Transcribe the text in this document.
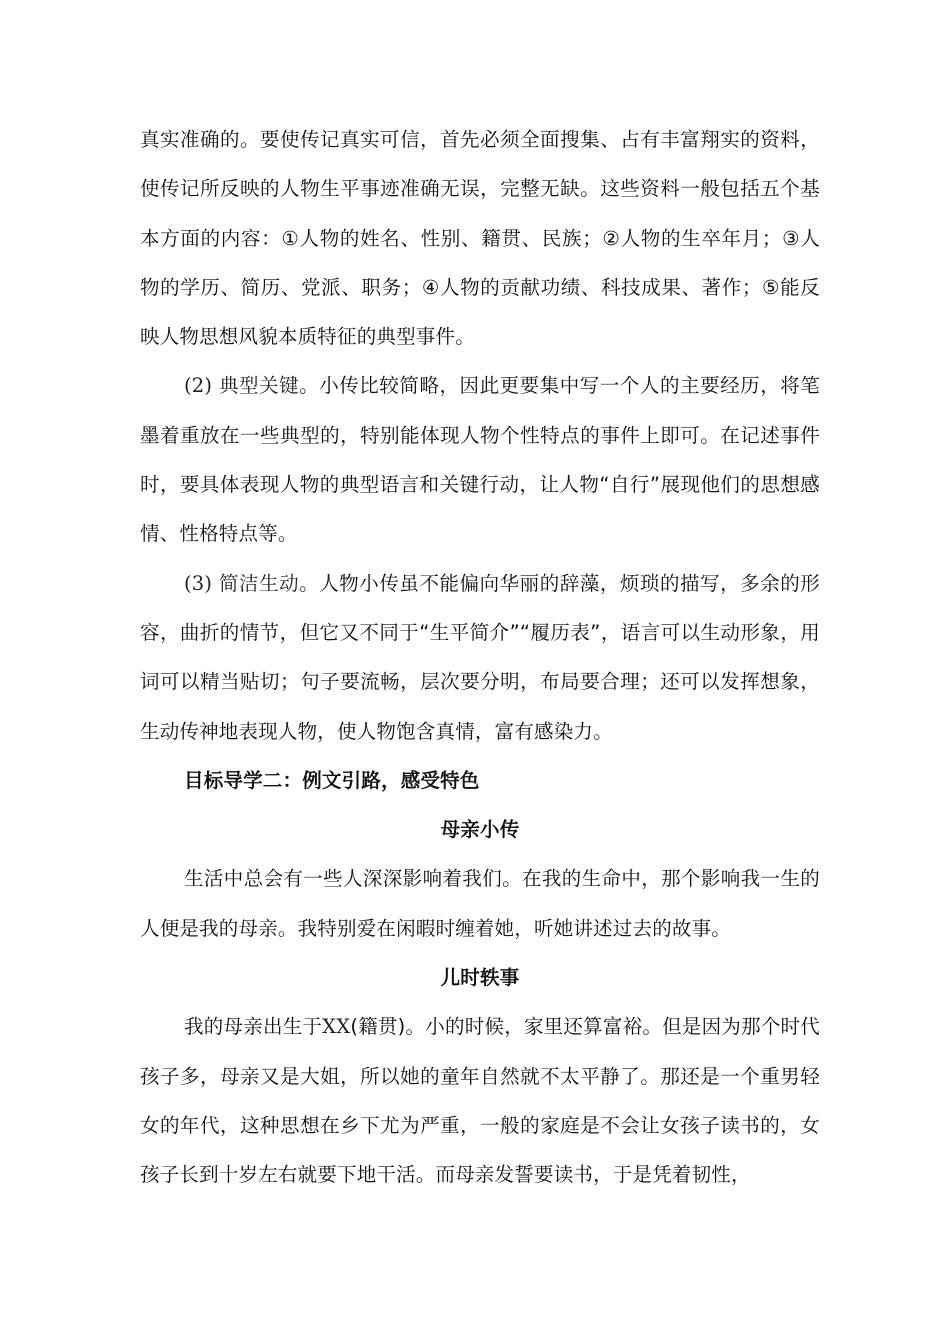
真实准确的。要使传记真实可信，首先必须全面搜集、占有丰富翔实的资料，使传记所反映的人物生平事迹准确无误，完整无缺。这些资料一般包括五个基本方面的内容：①人物的姓名、性别、籍贯、民族；②人物的生卒年月；③人物的学历、简历、党派、职务；④人物的贡献功绩、科技成果、著作；⑤能反映人物思想风貌本质特征的典型事件。

(2) 典型关键。小传比较简略，因此更要集中写一个人的主要经历，将笔墨着重放在一些典型的，特别能体现人物个性特点的事件上即可。在记述事件时，要具体表现人物的典型语言和关键行动，让人物“自行”展现他们的思想感情、性格特点等。

(3) 简洁生动。人物小传虽不能偏向华丽的辞藻，烦琐的描写，多余的形容，曲折的情节，但它又不同于“生平简介”“履历表”，语言可以生动形象，用词可以精当贴切；句子要流畅，层次要分明，布局要合理；还可以发挥想象，生动传神地表现人物，使人物饱含真情，富有感染力。

目标导学二：例文引路，感受特色

母亲小传

生活中总会有一些人深深影响着我们。在我的生命中，那个影响我一生的人便是我的母亲。我特别爱在闲暇时缠着她，听她讲述过去的故事。

儿时轶事

我的母亲出生于XX(籍贯)。小的时候，家里还算富裕。但是因为那个时代孩子多，母亲又是大姐，所以她的童年自然就不太平静了。那还是一个重男轻女的年代，这种思想在乡下尤为严重，一般的家庭是不会让女孩子读书的，女孩子长到十岁左右就要下地干活。而母亲发誓要读书，于是凭着韧性，
